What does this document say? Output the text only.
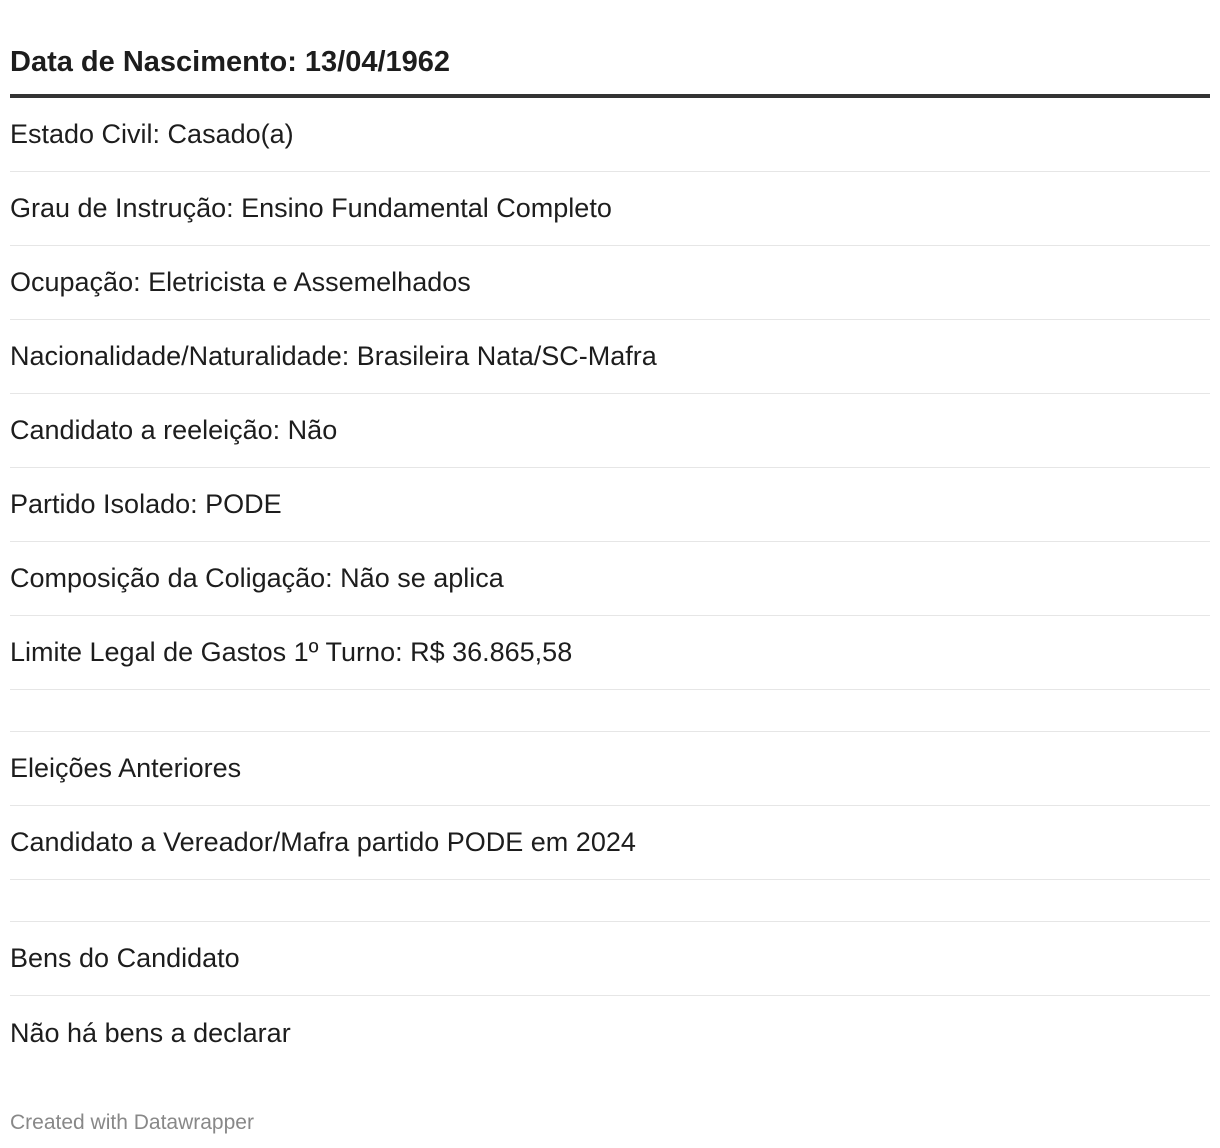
Data de Nascimento: 13/04/1962
Estado Civil: Casado(a)
Grau de Instrução: Ensino Fundamental Completo
Ocupação: Eletricista e Assemelhados
Nacionalidade/Naturalidade: Brasileira Nata/SC-Mafra
Candidato a reeleição: Não
Partido Isolado: PODE
Composição da Coligação: Não se aplica
Limite Legal de Gastos 1º Turno: R$ 36.865,58
Eleições Anteriores
Candidato a Vereador/Mafra partido PODE em 2024
Bens do Candidato
Não há bens a declarar
Created with Datawrapper
